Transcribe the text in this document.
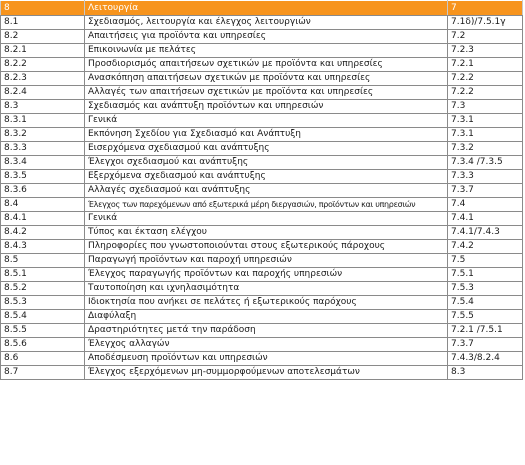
8	Λειτουργία	7
8.1	Σχεδιασμός, λειτουργία και έλεγχος λειτουργιών	7.1δ)/7.5.1γ
8.2	Απαιτήσεις για προϊόντα και υπηρεσίες	7.2
8.2.1	Επικοινωνία με πελάτες	7.2.3
8.2.2	Προσδιορισμός απαιτήσεων σχετικών με προϊόντα και υπηρεσίες	7.2.1
8.2.3	Ανασκόπηση απαιτήσεων σχετικών με προϊόντα και υπηρεσίες	7.2.2
8.2.4	Αλλαγές των απαιτήσεων σχετικών με προϊόντα και υπηρεσίες	7.2.2
8.3	Σχεδιασμός και ανάπτυξη προϊόντων και υπηρεσιών	7.3
8.3.1	Γενικά	7.3.1
8.3.2	Εκπόνηση Σχεδίου για Σχεδιασμό και Ανάπτυξη	7.3.1
8.3.3	Εισερχόμενα σχεδιασμού και ανάπτυξης	7.3.2
8.3.4	Έλεγχοι σχεδιασμού και ανάπτυξης	7.3.4 /7.3.5
8.3.5	Εξερχόμενα σχεδιασμού και ανάπτυξης	7.3.3
8.3.6	Αλλαγές σχεδιασμού και ανάπτυξης	7.3.7
8.4	Έλεγχος των παρεχόμενων από εξωτερικά μέρη διεργασιών, προϊόντων και υπηρεσιών	7.4
8.4.1	Γενικά	7.4.1
8.4.2	Τύπος και έκταση ελέγχου	7.4.1/7.4.3
8.4.3	Πληροφορίες που γνωστοποιούνται στους εξωτερικούς πάροχους	7.4.2
8.5	Παραγωγή προϊόντων και παροχή υπηρεσιών	7.5
8.5.1	Έλεγχος παραγωγής προϊόντων και παροχής υπηρεσιών	7.5.1
8.5.2	Ταυτοποίηση και ιχνηλασιμότητα	7.5.3
8.5.3	Ιδιοκτησία που ανήκει σε πελάτες ή εξωτερικούς παρόχους	7.5.4
8.5.4	Διαφύλαξη	7.5.5
8.5.5	Δραστηριότητες μετά την παράδοση	7.2.1 /7.5.1
8.5.6	Έλεγχος αλλαγών	7.3.7
8.6	Αποδέσμευση προϊόντων και υπηρεσιών	7.4.3/8.2.4
8.7	Έλεγχος εξερχόμενων μη-συμμορφούμενων αποτελεσμάτων	8.3
